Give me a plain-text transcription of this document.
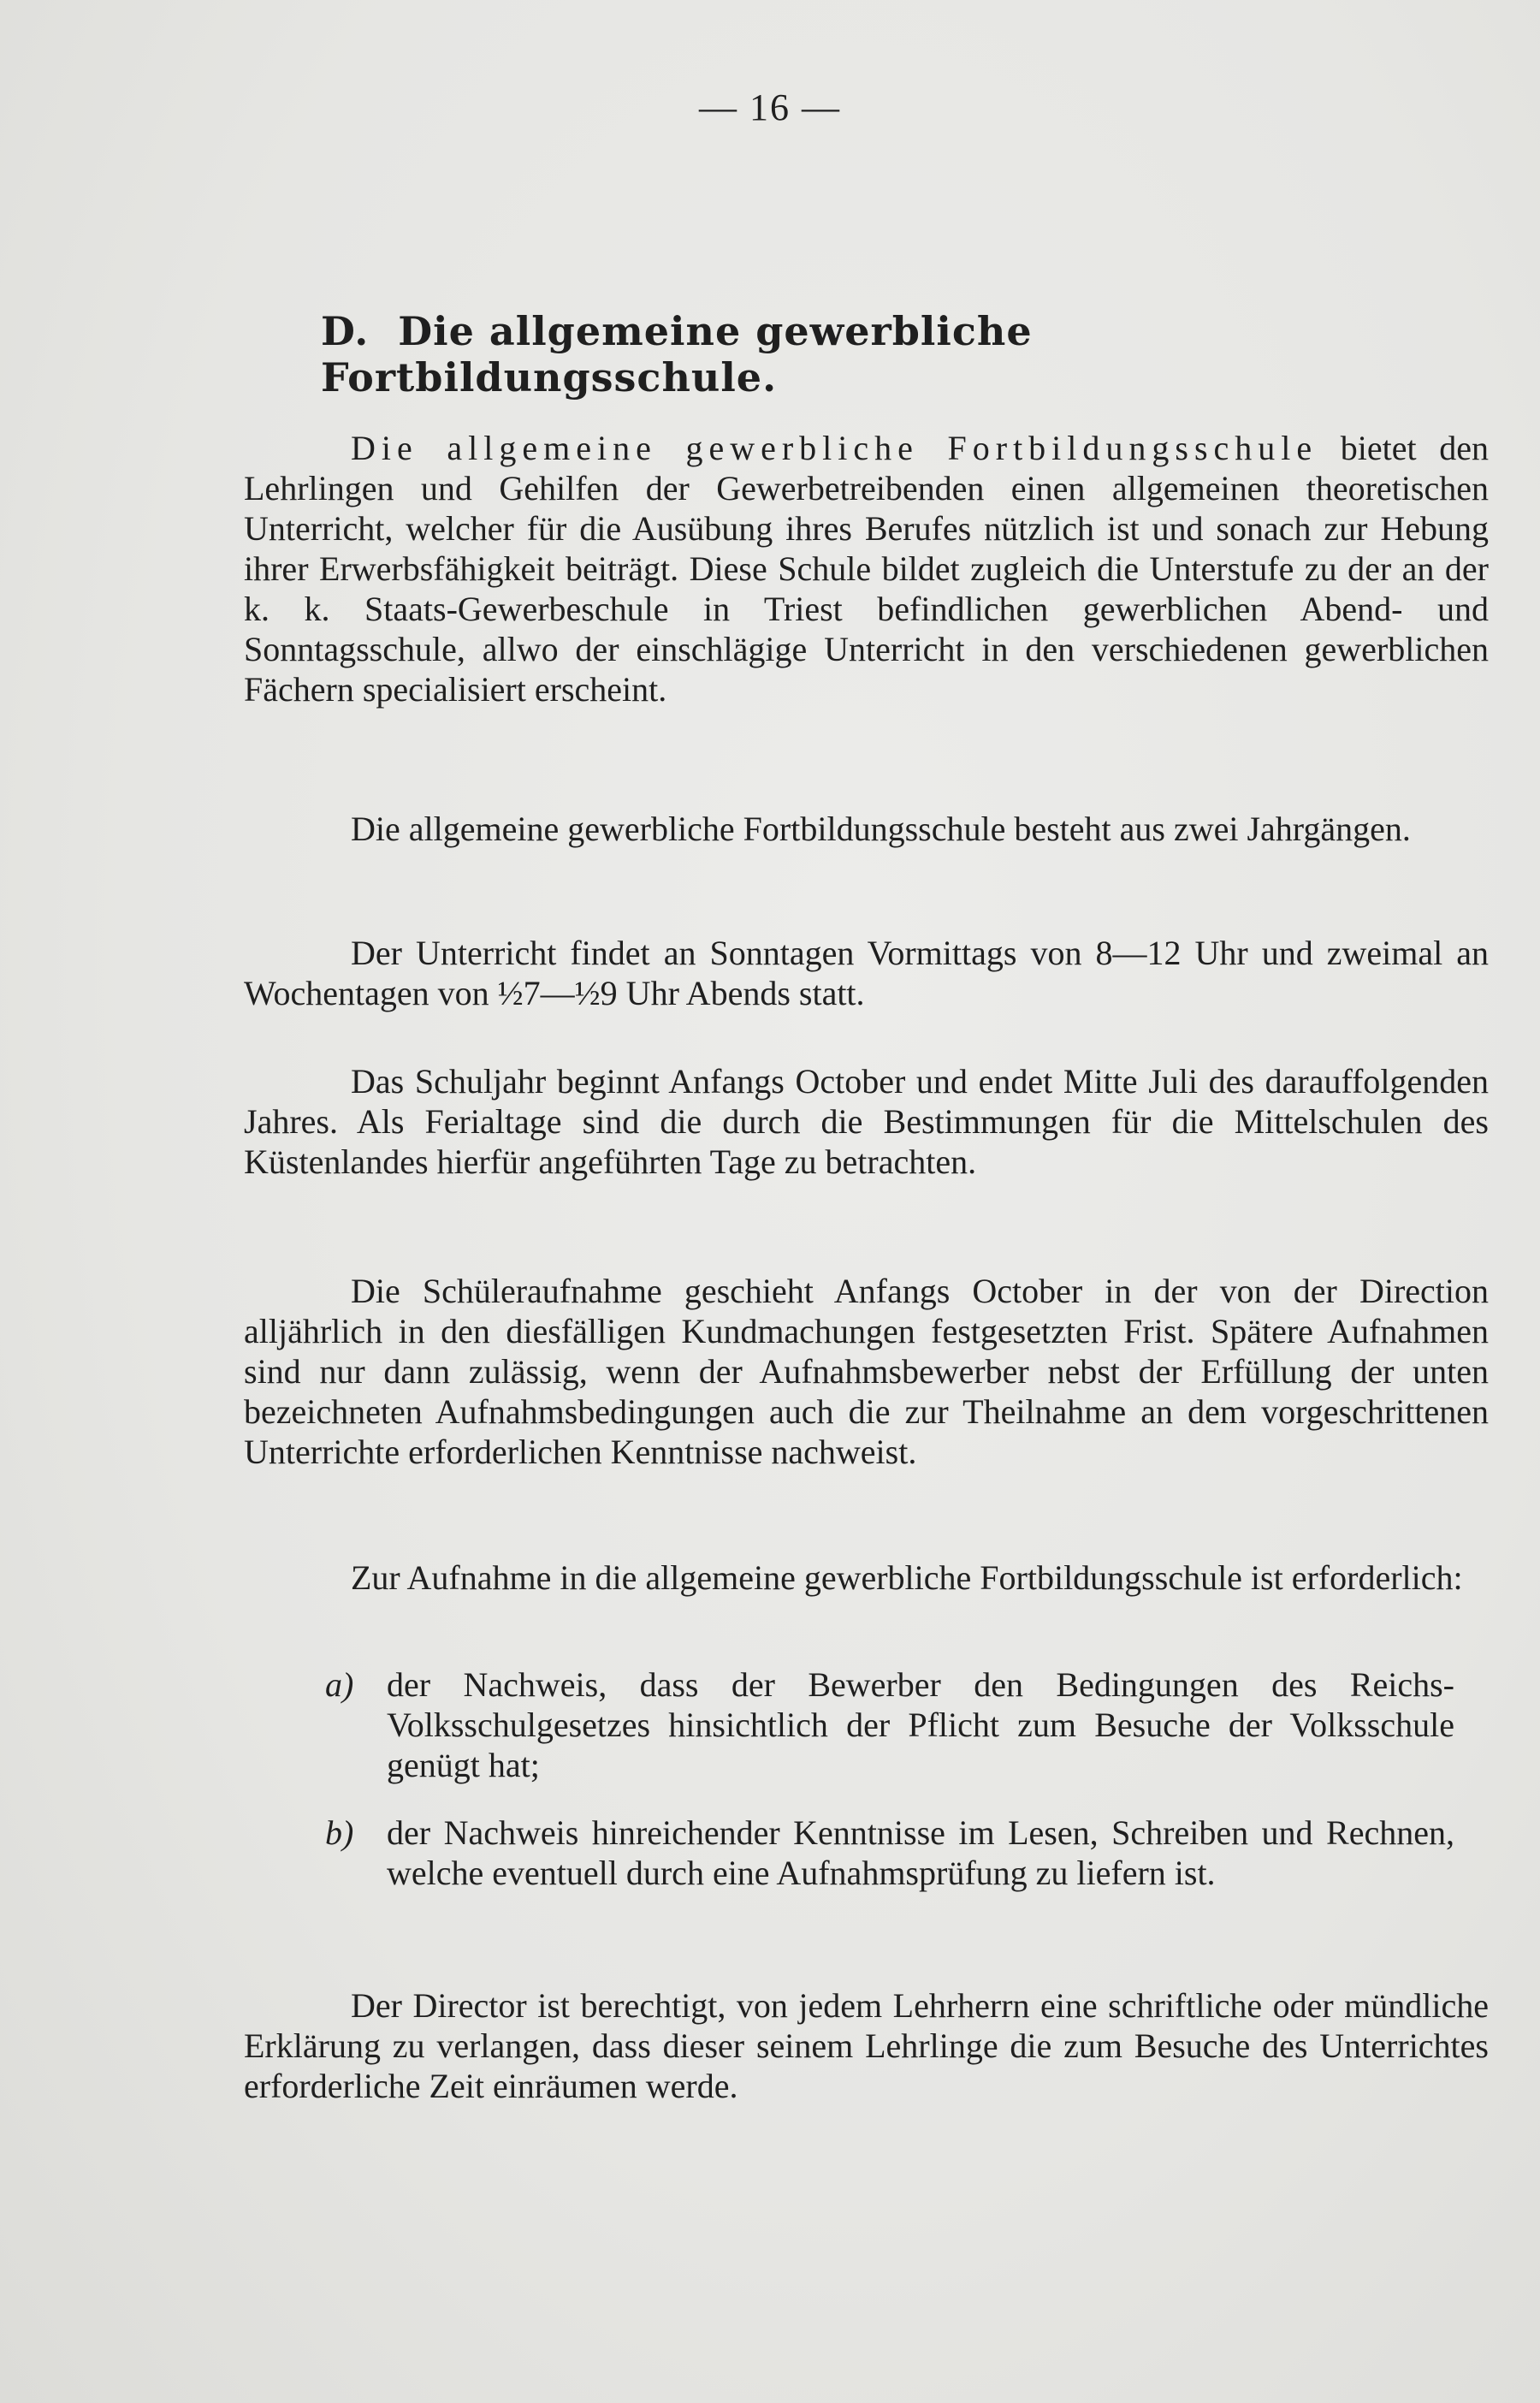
— 16 —
D. Die allgemeine gewerbliche Fortbildungsschule.
Die allgemeine gewerbliche Fortbildungsschule bietet den Lehrlingen und Gehilfen der Gewerbetreibenden einen allgemeinen theoretischen Unterricht, welcher für die Ausübung ihres Berufes nützlich ist und sonach zur Hebung ihrer Erwerbsfähigkeit beiträgt. Diese Schule bildet zugleich die Unterstufe zu der an der k. k. Staats-Gewerbeschule in Triest befindlichen gewerblichen Abend- und Sonntagsschule, allwo der einschlägige Unterricht in den verschiedenen gewerblichen Fächern specialisiert erscheint.
Die allgemeine gewerbliche Fortbildungsschule besteht aus zwei Jahrgängen.
Der Unterricht findet an Sonntagen Vormittags von 8—12 Uhr und zweimal an Wochentagen von ½7—½9 Uhr Abends statt.
Das Schuljahr beginnt Anfangs October und endet Mitte Juli des darauffolgenden Jahres. Als Ferialtage sind die durch die Bestimmungen für die Mittelschulen des Küstenlandes hierfür angeführten Tage zu betrachten.
Die Schüleraufnahme geschieht Anfangs October in der von der Direction alljährlich in den diesfälligen Kundmachungen festgesetzten Frist. Spätere Aufnahmen sind nur dann zulässig, wenn der Aufnahmsbewerber nebst der Erfüllung der unten bezeichneten Aufnahmsbedingungen auch die zur Theilnahme an dem vorgeschrittenen Unterrichte erforderlichen Kenntnisse nachweist.
Zur Aufnahme in die allgemeine gewerbliche Fortbildungsschule ist erforderlich:
a) der Nachweis, dass der Bewerber den Bedingungen des Reichs-Volksschulgesetzes hinsichtlich der Pflicht zum Besuche der Volksschule genügt hat;
b) der Nachweis hinreichender Kenntnisse im Lesen, Schreiben und Rechnen, welche eventuell durch eine Aufnahmsprüfung zu liefern ist.
Der Director ist berechtigt, von jedem Lehrherrn eine schriftliche oder mündliche Erklärung zu verlangen, dass dieser seinem Lehrlinge die zum Besuche des Unterrichtes erforderliche Zeit einräumen werde.
